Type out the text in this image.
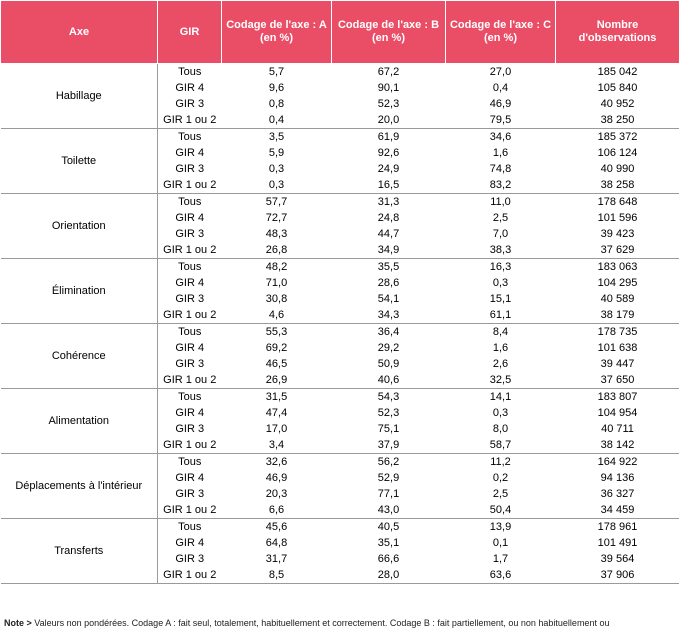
Axe	GIR	Codage de l'axe : A (en %)	Codage de l'axe : B (en %)	Codage de l'axe : C (en %)	Nombre d'observations
Habillage	Tous	5,7	67,2	27,0	185 042
	GIR 4	9,6	90,1	0,4	105 840
	GIR 3	0,8	52,3	46,9	40 952
	GIR 1 ou 2	0,4	20,0	79,5	38 250
Toilette	Tous	3,5	61,9	34,6	185 372
	GIR 4	5,9	92,6	1,6	106 124
	GIR 3	0,3	24,9	74,8	40 990
	GIR 1 ou 2	0,3	16,5	83,2	38 258
Orientation	Tous	57,7	31,3	11,0	178 648
	GIR 4	72,7	24,8	2,5	101 596
	GIR 3	48,3	44,7	7,0	39 423
	GIR 1 ou 2	26,8	34,9	38,3	37 629
Élimination	Tous	48,2	35,5	16,3	183 063
	GIR 4	71,0	28,6	0,3	104 295
	GIR 3	30,8	54,1	15,1	40 589
	GIR 1 ou 2	4,6	34,3	61,1	38 179
Cohérence	Tous	55,3	36,4	8,4	178 735
	GIR 4	69,2	29,2	1,6	101 638
	GIR 3	46,5	50,9	2,6	39 447
	GIR 1 ou 2	26,9	40,6	32,5	37 650
Alimentation	Tous	31,5	54,3	14,1	183 807
	GIR 4	47,4	52,3	0,3	104 954
	GIR 3	17,0	75,1	8,0	40 711
	GIR 1 ou 2	3,4	37,9	58,7	38 142
Déplacements à l'intérieur	Tous	32,6	56,2	11,2	164 922
	GIR 4	46,9	52,9	0,2	94 136
	GIR 3	20,3	77,1	2,5	36 327
	GIR 1 ou 2	6,6	43,0	50,4	34 459
Transferts	Tous	45,6	40,5	13,9	178 961
	GIR 4	64,8	35,1	0,1	101 491
	GIR 3	31,7	66,6	1,7	39 564
	GIR 1 ou 2	8,5	28,0	63,6	37 906
Note > Valeurs non pondérées. Codage A : fait seul, totalement, habituellement et correctement. Codage B : fait partiellement, ou non habituellement ou
